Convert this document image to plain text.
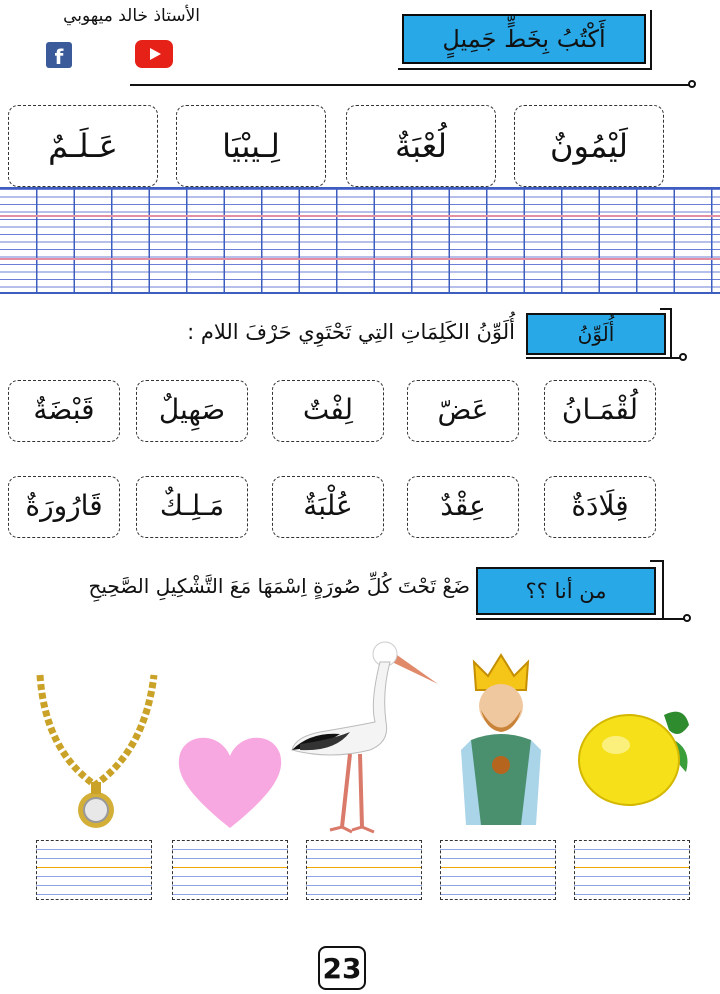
الأستاذ خالد ميهوبي
f
أَكْتُبُ بِخَطٍّ جَمِيلٍ
لَيْمُونٌ
لُعْبَةٌ
لِـيبْيَا
عَـلَـمٌ
أُلَوِّنُ
أُلَوِّنُ الكَلِمَاتِ التِي تَحْتَوِي حَرْفَ اللام :
لُقْمَـانُ
عَضّ
لِفْتٌ
صَهِيلٌ
قَبْضَةٌ
قِلَادَةٌ
عِقْدٌ
عُلْبَةٌ
مَـلِـكٌ
قَارُورَةٌ
من أنا ؟؟
ضَعْ تَحْتَ كُلِّ صُورَةٍ اِسْمَهَا مَعَ التَّشْكِيلِ الصَّحِيحِ
23
